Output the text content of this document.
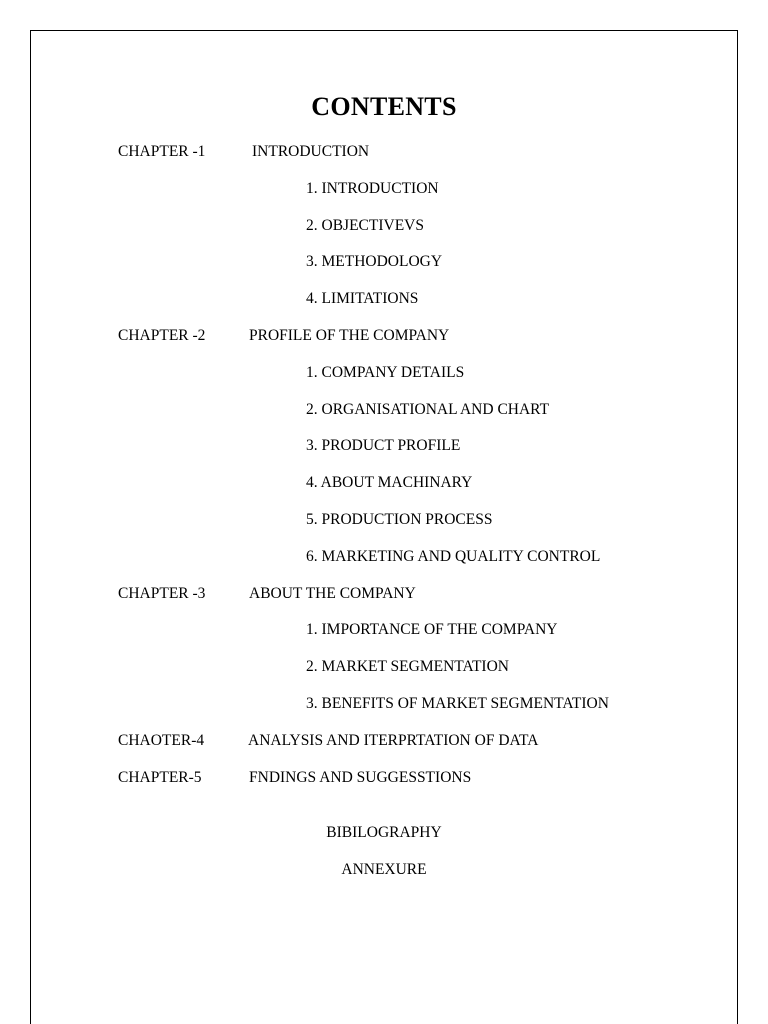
CONTENTS
CHAPTER -1	INTRODUCTION
1. INTRODUCTION
2. OBJECTIVEVS
3. METHODOLOGY
4. LIMITATIONS
CHAPTER -2	PROFILE OF THE COMPANY
1. COMPANY DETAILS
2. ORGANISATIONAL AND CHART
3. PRODUCT PROFILE
4. ABOUT MACHINARY
5. PRODUCTION PROCESS
6. MARKETING AND QUALITY CONTROL
CHAPTER -3	ABOUT THE COMPANY
1. IMPORTANCE OF THE COMPANY
2. MARKET SEGMENTATION
3. BENEFITS OF MARKET SEGMENTATION
CHAOTER-4	ANALYSIS AND ITERPRTATION OF DATA
CHAPTER-5	FNDINGS AND SUGGESSTIONS
BIBILOGRAPHY
ANNEXURE
